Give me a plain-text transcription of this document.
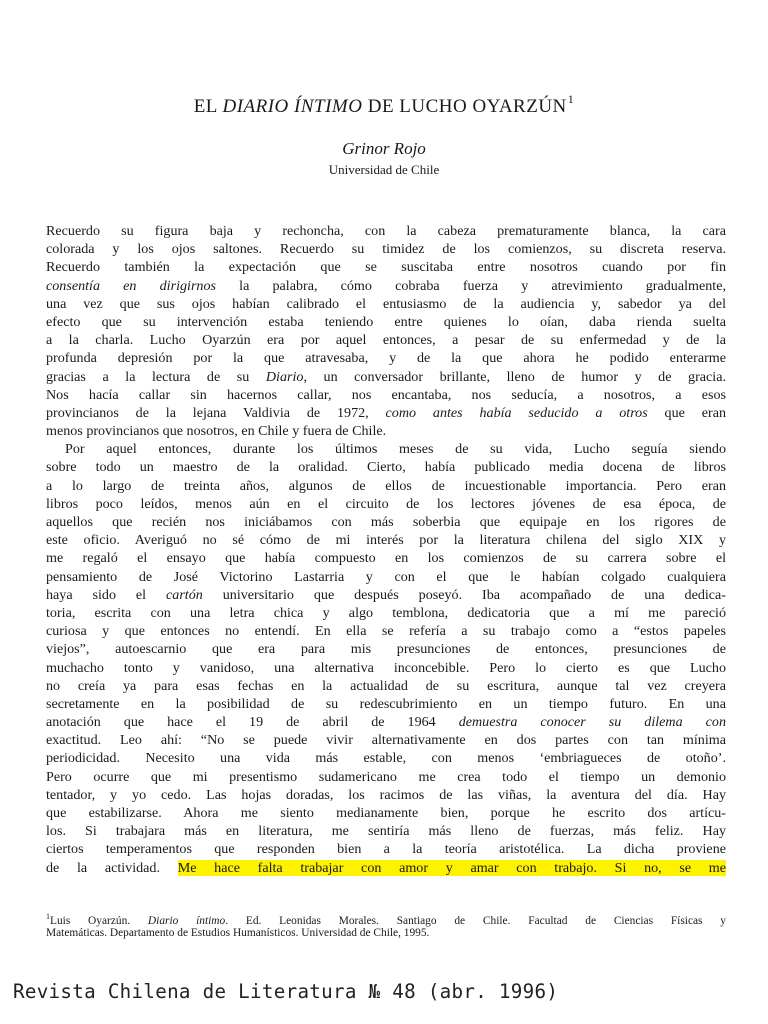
EL DIARIO ÍNTIMO DE LUCHO OYARZÚN$^1$
Grinor Rojo
Universidad de Chile
Recuerdo su figura baja y rechoncha, con la cabeza prematuramente blanca, la cara
colorada y los ojos saltones. Recuerdo su timidez de los comienzos, su discreta reserva.
Recuerdo también la expectación que se suscitaba entre nosotros cuando por fin
consentía en dirigirnos la palabra, cómo cobraba fuerza y atrevimiento gradualmente,
una vez que sus ojos habían calibrado el entusiasmo de la audiencia y, sabedor ya del
efecto que su intervención estaba teniendo entre quienes lo oían, daba rienda suelta
a la charla. Lucho Oyarzún era por aquel entonces, a pesar de su enfermedad y de la
profunda depresión por la que atravesaba, y de la que ahora he podido enterarme
gracias a la lectura de su Diario, un conversador brillante, lleno de humor y de gracia.
Nos hacía callar sin hacernos callar, nos encantaba, nos seducía, a nosotros, a esos
provincianos de la lejana Valdivia de 1972, como antes había seducido a otros que eran
menos provincianos que nosotros, en Chile y fuera de Chile.
Por aquel entonces, durante los últimos meses de su vida, Lucho seguía siendo
sobre todo un maestro de la oralidad. Cierto, había publicado media docena de libros
a lo largo de treinta años, algunos de ellos de incuestionable importancia. Pero eran
libros poco leídos, menos aún en el circuito de los lectores jóvenes de esa época, de
aquellos que recién nos iniciábamos con más soberbia que equipaje en los rigores de
este oficio. Averiguó no sé cómo de mi interés por la literatura chilena del siglo XIX y
me regaló el ensayo que había compuesto en los comienzos de su carrera sobre el
pensamiento de José Victorino Lastarria y con el que le habían colgado cualquiera
haya sido el cartón universitario que después poseyó. Iba acompañado de una dedica-
toria, escrita con una letra chica y algo temblona, dedicatoria que a mí me pareció
curiosa y que entonces no entendí. En ella se refería a su trabajo como a “estos papeles
viejos”, autoescarnio que era para mis presunciones de entonces, presunciones de
muchacho tonto y vanidoso, una alternativa inconcebible. Pero lo cierto es que Lucho
no creía ya para esas fechas en la actualidad de su escritura, aunque tal vez creyera
secretamente en la posibilidad de su redescubrimiento en un tiempo futuro. En una
anotación que hace el 19 de abril de 1964 demuestra conocer su dilema con
exactitud. Leo ahí: “No se puede vivir alternativamente en dos partes con tan mínima
periodicidad. Necesito una vida más estable, con menos ‘embriagueces de otoño’.
Pero ocurre que mi presentismo sudamericano me crea todo el tiempo un demonio
tentador, y yo cedo. Las hojas doradas, los racimos de las viñas, la aventura del día. Hay
que estabilizarse. Ahora me siento medianamente bien, porque he escrito dos artícu-
los. Si trabajara más en literatura, me sentiría más lleno de fuerzas, más feliz. Hay
ciertos temperamentos que responden bien a la teoría aristotélica. La dicha proviene
de la actividad. Me hace falta trabajar con amor y amar con trabajo. Si no, se me
$^1$Luis Oyarzún. Diario íntimo. Ed. Leonidas Morales. Santiago de Chile. Facultad de Ciencias Físicas y
Matemáticas. Departamento de Estudios Humanísticos. Universidad de Chile, 1995.
Revista Chilena de Literatura № 48 (abr. 1996)
